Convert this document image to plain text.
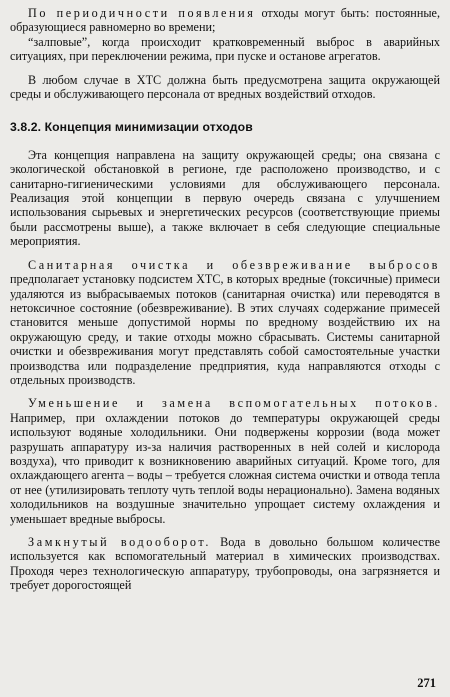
По периодичности появления отходы могут быть: постоянные, образующиеся равномерно во времени;

“залповые”, когда происходит кратковременный выброс в аварийных ситуациях, при переключении режима, при пуске и останове агрегатов.

В любом случае в ХТС должна быть предусмотрена защита окружающей среды и обслуживающего персонала от вредных воздействий отходов.

3.8.2. Концепция минимизации отходов

Эта концепция направлена на защиту окружающей среды; она связана с экологической обстановкой в регионе, где расположено производство, и с санитарно-гигиеническими условиями для обслуживающего персонала. Реализация этой концепции в первую очередь связана с улучшением использования сырьевых и энергетических ресурсов (соответствующие приемы были рассмотрены выше), а также включает в себя следующие специальные мероприятия.

Санитарная очистка и обезвреживание выбросов предполагает установку подсистем ХТС, в которых вредные (токсичные) примеси удаляются из выбрасываемых потоков (санитарная очистка) или переводятся в нетоксичное состояние (обезвреживание). В этих случаях содержание примесей становится меньше допустимой нормы по вредному воздействию их на окружающую среду, и такие отходы можно сбрасывать. Системы санитарной очистки и обезвреживания могут представлять собой самостоятельные участки производства или подразделение предприятия, куда направляются отходы с отдельных производств.

Уменьшение и замена вспомогательных потоков. Например, при охлаждении потоков до температуры окружающей среды используют водяные холодильники. Они подвержены коррозии (вода может разрушать аппаратуру из-за наличия растворенных в ней солей и кислорода воздуха), что приводит к возникновению аварийных ситуаций. Кроме того, для охлаждающего агента – воды – требуется сложная система очистки и отвода тепла от нее (утилизировать теплоту чуть теплой воды нерационально). Замена водяных холодильников на воздушные значительно упрощает систему охлаждения и уменьшает вредные выбросы.

Замкнутый водооборот. Вода в довольно большом количестве используется как вспомогательный материал в химических производствах. Проходя через технологическую аппаратуру, трубопроводы, она загрязняется и требует дорогостоящей

271
